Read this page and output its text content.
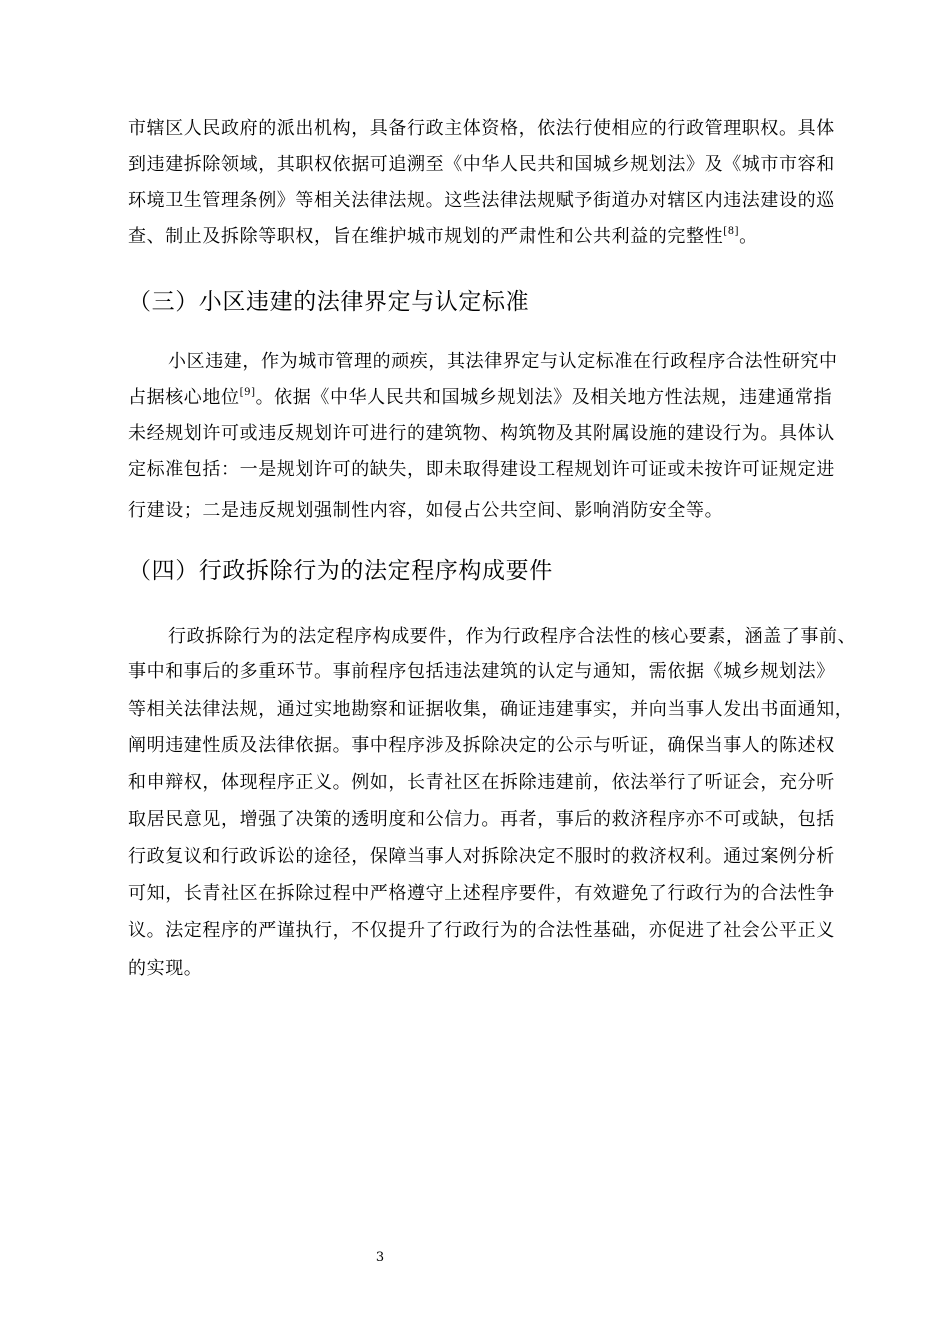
市辖区人民政府的派出机构，具备行政主体资格，依法行使相应的行政管理职权。具体
到违建拆除领域，其职权依据可追溯至《中华人民共和国城乡规划法》及《城市市容和
环境卫生管理条例》等相关法律法规。这些法律法规赋予街道办对辖区内违法建设的巡
查、制止及拆除等职权，旨在维护城市规划的严肃性和公共利益的完整性[8]。
（三）小区违建的法律界定与认定标准
小区违建，作为城市管理的顽疾，其法律界定与认定标准在行政程序合法性研究中
占据核心地位[9]。依据《中华人民共和国城乡规划法》及相关地方性法规，违建通常指
未经规划许可或违反规划许可进行的建筑物、构筑物及其附属设施的建设行为。具体认
定标准包括：一是规划许可的缺失，即未取得建设工程规划许可证或未按许可证规定进
行建设；二是违反规划强制性内容，如侵占公共空间、影响消防安全等。
（四）行政拆除行为的法定程序构成要件
行政拆除行为的法定程序构成要件，作为行政程序合法性的核心要素，涵盖了事前、
事中和事后的多重环节。事前程序包括违法建筑的认定与通知，需依据《城乡规划法》
等相关法律法规，通过实地勘察和证据收集，确证违建事实，并向当事人发出书面通知，
阐明违建性质及法律依据。事中程序涉及拆除决定的公示与听证，确保当事人的陈述权
和申辩权，体现程序正义。例如，长青社区在拆除违建前，依法举行了听证会，充分听
取居民意见，增强了决策的透明度和公信力。再者，事后的救济程序亦不可或缺，包括
行政复议和行政诉讼的途径，保障当事人对拆除决定不服时的救济权利。通过案例分析
可知，长青社区在拆除过程中严格遵守上述程序要件，有效避免了行政行为的合法性争
议。法定程序的严谨执行，不仅提升了行政行为的合法性基础，亦促进了社会公平正义
的实现。
3
